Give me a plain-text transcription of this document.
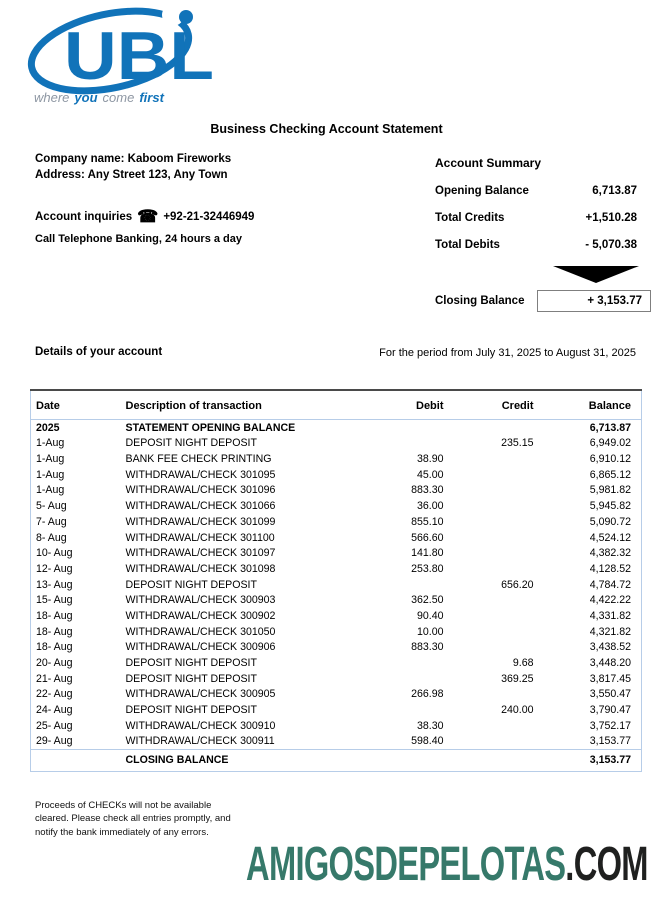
UBL
where you come first
Business Checking Account Statement
Company name: Kaboom Fireworks
Address: Any Street 123, Any Town
Account inquiries ☎ +92-21-32446949
Call Telephone Banking, 24 hours a day
Account Summary
Opening Balance	6,713.87
Total Credits	+1,510.28
Total Debits	- 5,070.38
Closing Balance	+ 3,153.77
Details of your account	For the period from July 31, 2025 to August 31, 2025
Date	Description of transaction	Debit	Credit	Balance
2025	STATEMENT OPENING BALANCE			6,713.87
1-Aug	DEPOSIT NIGHT DEPOSIT		235.15	6,949.02
1-Aug	BANK FEE CHECK PRINTING	38.90		6,910.12
1-Aug	WITHDRAWAL/CHECK 301095	45.00		6,865.12
1-Aug	WITHDRAWAL/CHECK 301096	883.30		5,981.82
5- Aug	WITHDRAWAL/CHECK 301066	36.00		5,945.82
7- Aug	WITHDRAWAL/CHECK 301099	855.10		5,090.72
8- Aug	WITHDRAWAL/CHECK 301100	566.60		4,524.12
10- Aug	WITHDRAWAL/CHECK 301097	141.80		4,382.32
12- Aug	WITHDRAWAL/CHECK 301098	253.80		4,128.52
13- Aug	DEPOSIT NIGHT DEPOSIT		656.20	4,784.72
15- Aug	WITHDRAWAL/CHECK 300903	362.50		4,422.22
18- Aug	WITHDRAWAL/CHECK 300902	90.40		4,331.82
18- Aug	WITHDRAWAL/CHECK 301050	10.00		4,321.82
18- Aug	WITHDRAWAL/CHECK 300906	883.30		3,438.52
20- Aug	DEPOSIT NIGHT DEPOSIT		9.68	3,448.20
21- Aug	DEPOSIT NIGHT DEPOSIT		369.25	3,817.45
22- Aug	WITHDRAWAL/CHECK 300905	266.98		3,550.47
24- Aug	DEPOSIT NIGHT DEPOSIT		240.00	3,790.47
25- Aug	WITHDRAWAL/CHECK 300910	38.30		3,752.17
29- Aug	WITHDRAWAL/CHECK 300911	598.40		3,153.77
	CLOSING BALANCE			3,153.77
Proceeds of CHECKs will not be available
cleared. Please check all entries promptly, and
notify the bank immediately of any errors.
AMIGOSDEPELOTAS.COM
